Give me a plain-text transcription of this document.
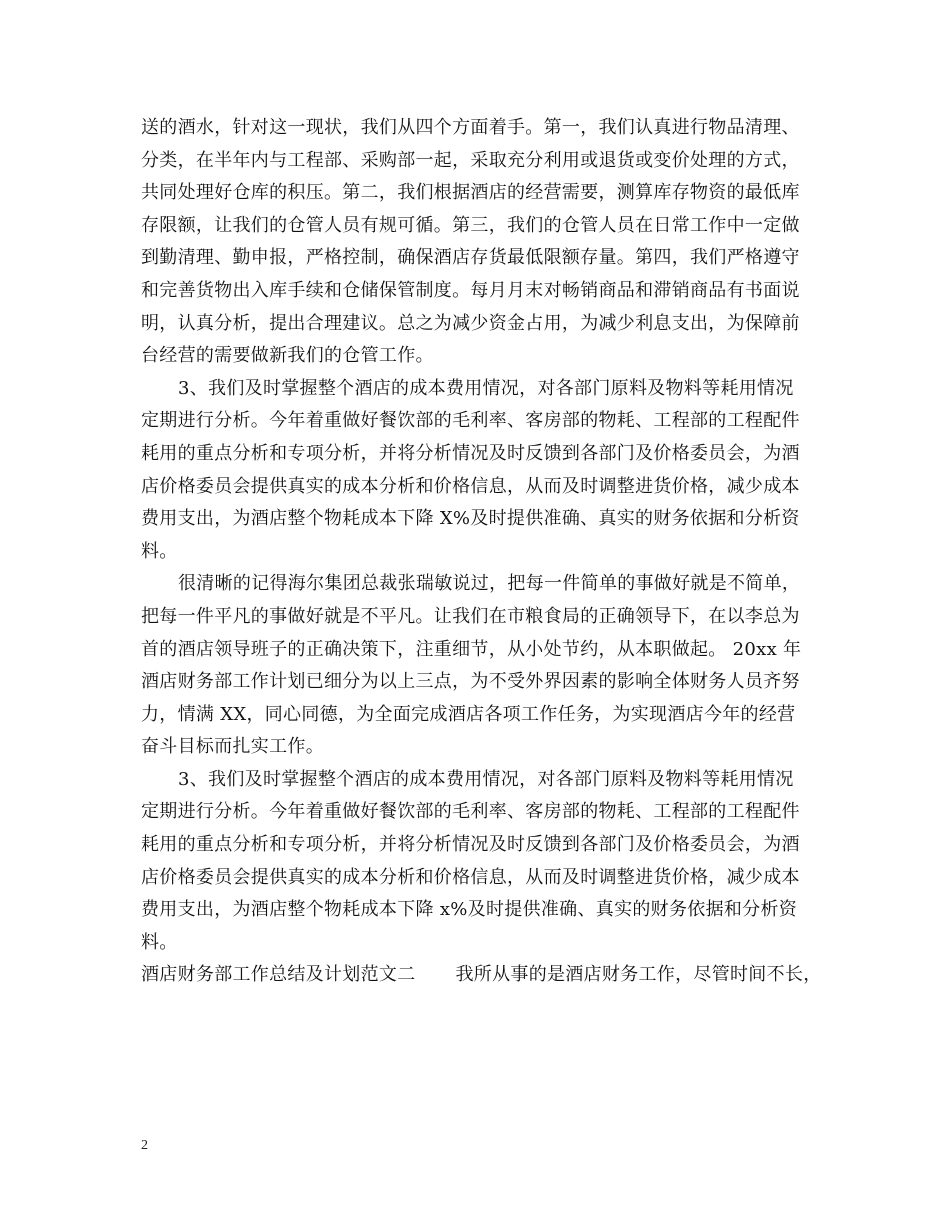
送的酒水，针对这一现状，我们从四个方面着手。第一，我们认真进行物品清理、
分类，在半年内与工程部、采购部一起，采取充分利用或退货或变价处理的方式，
共同处理好仓库的积压。第二，我们根据酒店的经营需要，测算库存物资的最低库
存限额，让我们的仓管人员有规可循。第三，我们的仓管人员在日常工作中一定做
到勤清理、勤申报，严格控制，确保酒店存货最低限额存量。第四，我们严格遵守
和完善货物出入库手续和仓储保管制度。每月月末对畅销商品和滞销商品有书面说
明，认真分析，提出合理建议。总之为减少资金占用，为减少利息支出，为保障前
台经营的需要做新我们的仓管工作。
3、我们及时掌握整个酒店的成本费用情况，对各部门原料及物料等耗用情况
定期进行分析。今年着重做好餐饮部的毛利率、客房部的物耗、工程部的工程配件
耗用的重点分析和专项分析，并将分析情况及时反馈到各部门及价格委员会，为酒
店价格委员会提供真实的成本分析和价格信息，从而及时调整进货价格，减少成本
费用支出，为酒店整个物耗成本下降 X%及时提供准确、真实的财务依据和分析资
料。
很清晰的记得海尔集团总裁张瑞敏说过，把每一件简单的事做好就是不简单，
把每一件平凡的事做好就是不平凡。让我们在市粮食局的正确领导下，在以李总为
首的酒店领导班子的正确决策下，注重细节，从小处节约，从本职做起。 20xx 年
酒店财务部工作计划已细分为以上三点，为不受外界因素的影响全体财务人员齐努
力，情满 XX，同心同德，为全面完成酒店各项工作任务，为实现酒店今年的经营
奋斗目标而扎实工作。
3、我们及时掌握整个酒店的成本费用情况，对各部门原料及物料等耗用情况
定期进行分析。今年着重做好餐饮部的毛利率、客房部的物耗、工程部的工程配件
耗用的重点分析和专项分析，并将分析情况及时反馈到各部门及价格委员会，为酒
店价格委员会提供真实的成本分析和价格信息，从而及时调整进货价格，减少成本
费用支出，为酒店整个物耗成本下降 x%及时提供准确、真实的财务依据和分析资
料。
酒店财务部工作总结及计划范文二 我所从事的是酒店财务工作，尽管时间不长，
2
